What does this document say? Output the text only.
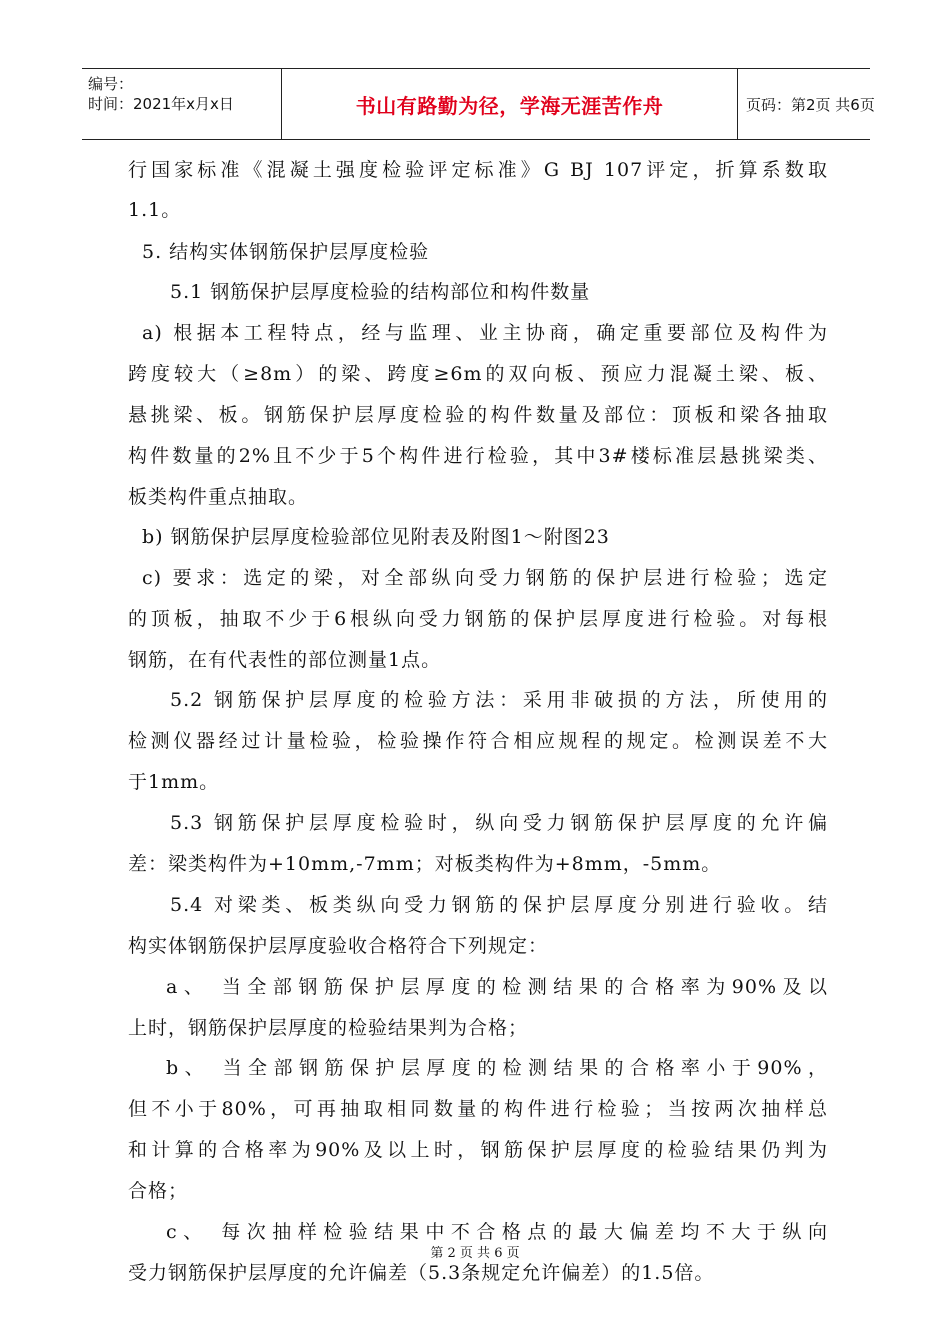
编号：
时间：2021年x月x日	书山有路勤为径，学海无涯苦作舟	页码：第2页 共6页
行国家标准《混凝土强度检验评定标准》G BJ 107评定，折算系数取
1.1。
5. 结构实体钢筋保护层厚度检验
5.1 钢筋保护层厚度检验的结构部位和构件数量
a) 根据本工程特点，经与监理、业主协商，确定重要部位及构件为
跨度较大（≥8m）的梁、跨度≥6m的双向板、预应力混凝土梁、板、
悬挑梁、板。钢筋保护层厚度检验的构件数量及部位：顶板和梁各抽取
构件数量的2%且不少于5个构件进行检验，其中3#楼标准层悬挑梁类、
板类构件重点抽取。
b) 钢筋保护层厚度检验部位见附表及附图1～附图23
c) 要求：选定的梁，对全部纵向受力钢筋的保护层进行检验；选定
的顶板，抽取不少于6根纵向受力钢筋的保护层厚度进行检验。对每根
钢筋，在有代表性的部位测量1点。
5.2 钢筋保护层厚度的检验方法：采用非破损的方法，所使用的
检测仪器经过计量检验，检验操作符合相应规程的规定。检测误差不大
于1mm。
5.3 钢筋保护层厚度检验时，纵向受力钢筋保护层厚度的允许偏
差：梁类构件为+10mm,-7mm；对板类构件为+8mm，-5mm。
5.4 对梁类、板类纵向受力钢筋的保护层厚度分别进行验收。结
构实体钢筋保护层厚度验收合格符合下列规定：
a、 当全部钢筋保护层厚度的检测结果的合格率为90%及以
上时，钢筋保护层厚度的检验结果判为合格；
b、 当全部钢筋保护层厚度的检测结果的合格率小于90%，
但不小于80%，可再抽取相同数量的构件进行检验；当按两次抽样总
和计算的合格率为90%及以上时，钢筋保护层厚度的检验结果仍判为
合格；
c、 每次抽样检验结果中不合格点的最大偏差均不大于纵向
受力钢筋保护层厚度的允许偏差（5.3条规定允许偏差）的1.5倍。
第 2 页 共 6 页
